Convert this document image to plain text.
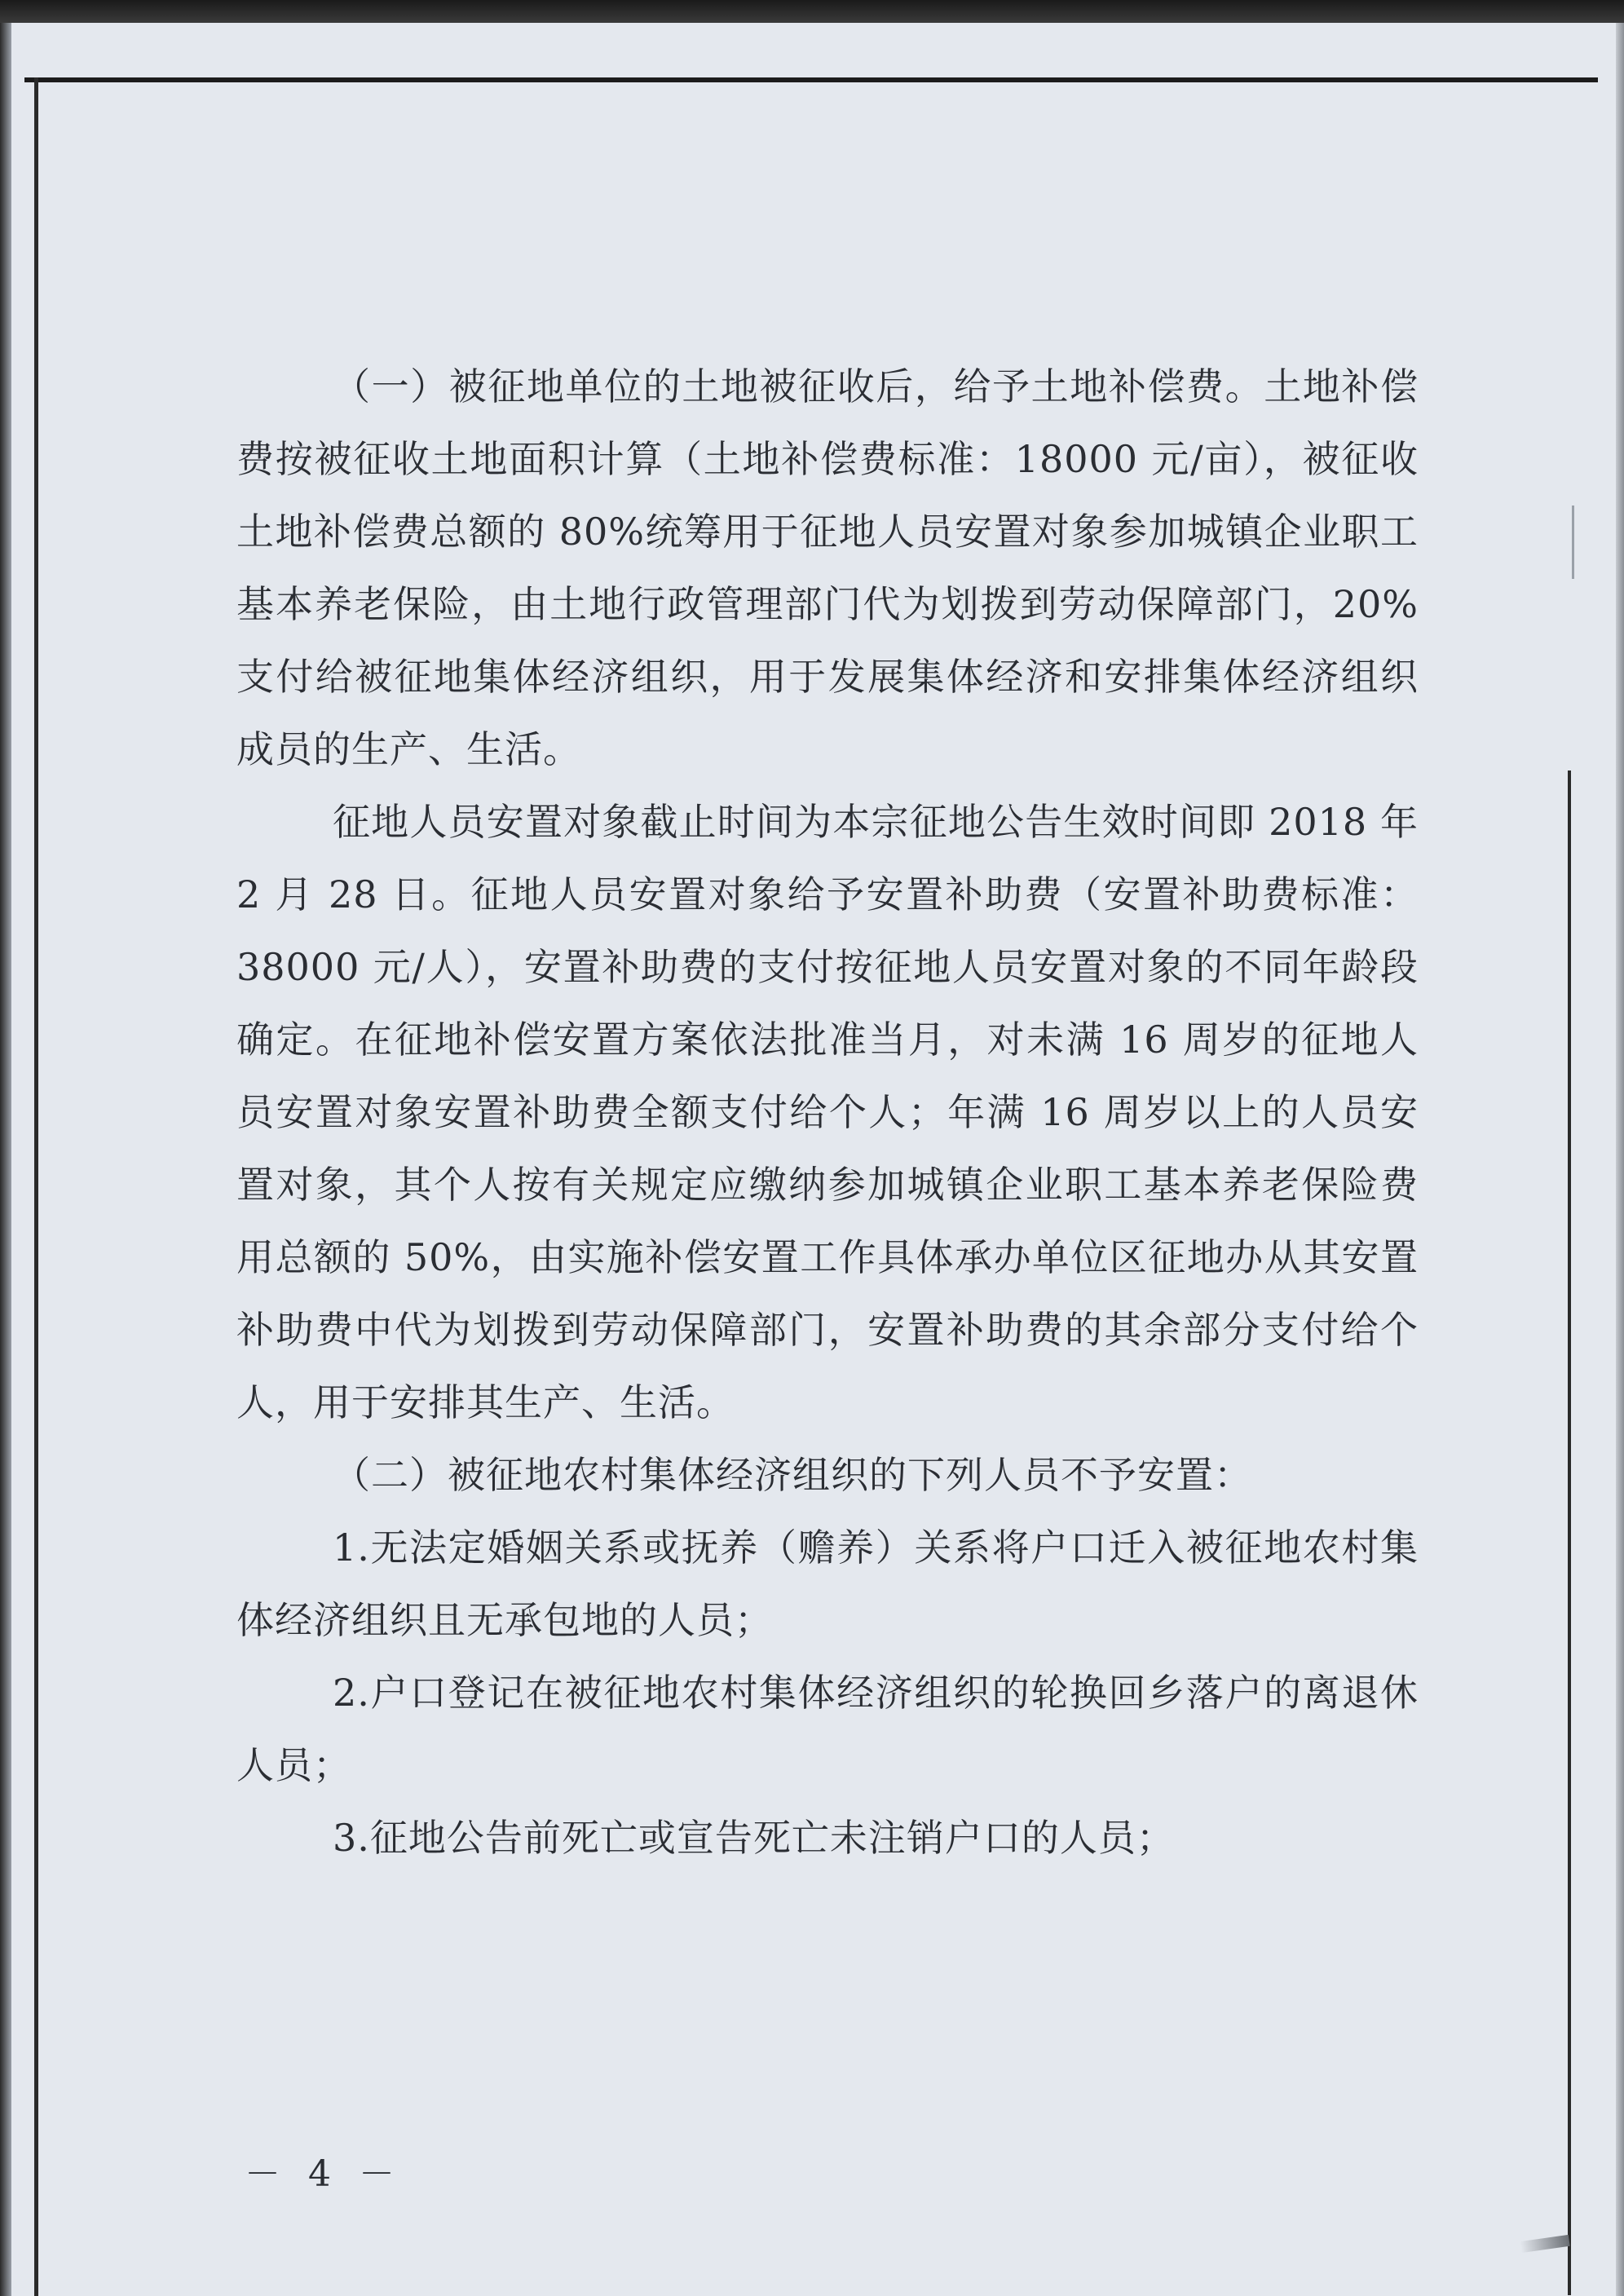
（一）被征地单位的土地被征收后，给予土地补偿费。土地补偿费按被征收土地面积计算（土地补偿费标准：18000 元/亩），被征收土地补偿费总额的 80%统筹用于征地人员安置对象参加城镇企业职工基本养老保险，由土地行政管理部门代为划拨到劳动保障部门，20%支付给被征地集体经济组织，用于发展集体经济和安排集体经济组织成员的生产、生活。

征地人员安置对象截止时间为本宗征地公告生效时间即 2018 年 2 月 28 日。征地人员安置对象给予安置补助费（安置补助费标准：38000 元/人），安置补助费的支付按征地人员安置对象的不同年龄段确定。在征地补偿安置方案依法批准当月，对未满 16 周岁的征地人员安置对象安置补助费全额支付给个人；年满 16 周岁以上的人员安置对象，其个人按有关规定应缴纳参加城镇企业职工基本养老保险费用总额的 50%，由实施补偿安置工作具体承办单位区征地办从其安置补助费中代为划拨到劳动保障部门，安置补助费的其余部分支付给个人，用于安排其生产、生活。

（二）被征地农村集体经济组织的下列人员不予安置：

1.无法定婚姻关系或抚养（赡养）关系将户口迁入被征地农村集体经济组织且无承包地的人员；

2.户口登记在被征地农村集体经济组织的轮换回乡落户的离退休人员；

3.征地公告前死亡或宣告死亡未注销户口的人员；

－ 4 －
